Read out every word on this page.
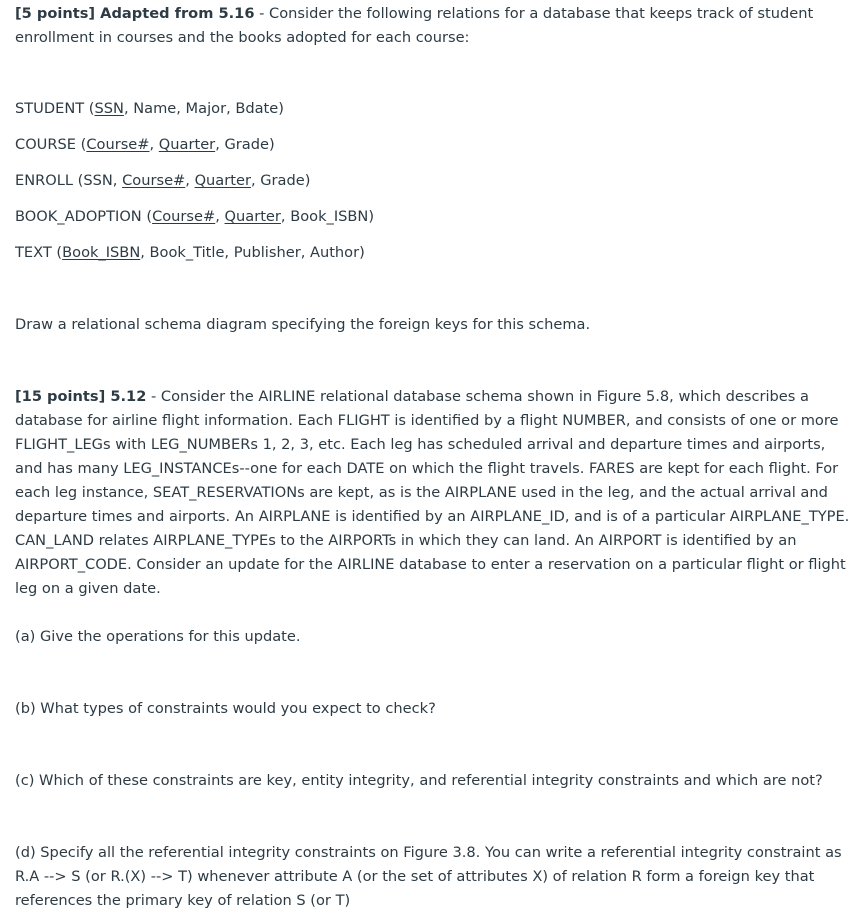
[5 points] Adapted from 5.16 - Consider the following relations for a database that keeps track of student enrollment in courses and the books adopted for each course:

STUDENT (SSN, Name, Major, Bdate)

COURSE (Course#, Quarter, Grade)

ENROLL (SSN, Course#, Quarter, Grade)

BOOK_ADOPTION (Course#, Quarter, Book_ISBN)

TEXT (Book_ISBN, Book_Title, Publisher, Author)

Draw a relational schema diagram specifying the foreign keys for this schema.

[15 points] 5.12 - Consider the AIRLINE relational database schema shown in Figure 5.8, which describes a database for airline flight information. Each FLIGHT is identified by a flight NUMBER, and consists of one or more FLIGHT_LEGs with LEG_NUMBERs 1, 2, 3, etc. Each leg has scheduled arrival and departure times and airports, and has many LEG_INSTANCEs--one for each DATE on which the flight travels. FARES are kept for each flight. For each leg instance, SEAT_RESERVATIONs are kept, as is the AIRPLANE used in the leg, and the actual arrival and departure times and airports. An AIRPLANE is identified by an AIRPLANE_ID, and is of a particular AIRPLANE_TYPE. CAN_LAND relates AIRPLANE_TYPEs to the AIRPORTs in which they can land. An AIRPORT is identified by an AIRPORT_CODE. Consider an update for the AIRLINE database to enter a reservation on a particular flight or flight leg on a given date.

(a) Give the operations for this update.

(b) What types of constraints would you expect to check?

(c) Which of these constraints are key, entity integrity, and referential integrity constraints and which are not?

(d) Specify all the referential integrity constraints on Figure 3.8. You can write a referential integrity constraint as R.A --> S (or R.(X) --> T) whenever attribute A (or the set of attributes X) of relation R form a foreign key that references the primary key of relation S (or T)
